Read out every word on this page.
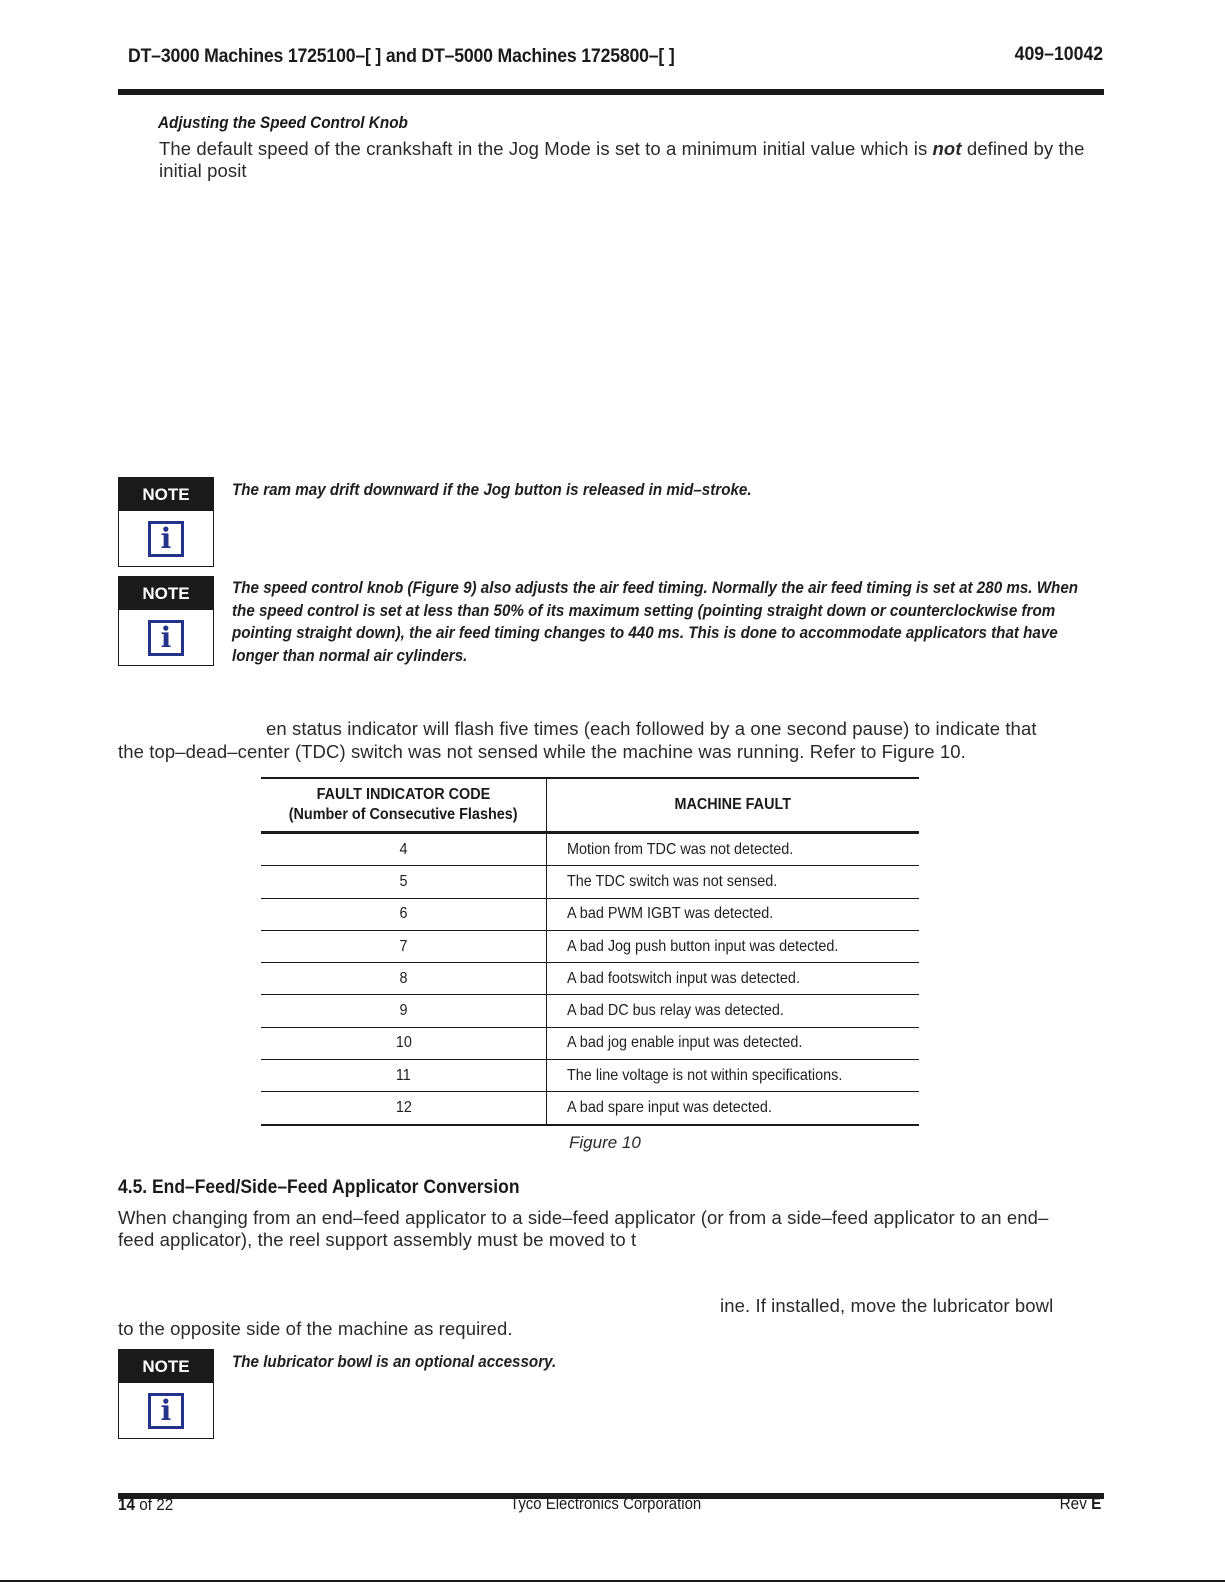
DT–3000 Machines 1725100–[ ] and DT–5000 Machines 1725800–[ ]	409–10042
Adjusting the Speed Control Knob
The default speed of the crankshaft in the Jog Mode is set to a minimum initial value which is not defined by the initial posit
NOTE
i
The ram may drift downward if the Jog button is released in mid–stroke.
NOTE
i
The speed control knob (Figure 9) also adjusts the air feed timing. Normally the air feed timing is set at 280 ms. When the speed control is set at less than 50% of its maximum setting (pointing straight down or counterclockwise from pointing straight down), the air feed timing changes to 440 ms. This is done to accommodate applicators that have longer than normal air cylinders.
en status indicator will flash five times (each followed by a one second pause) to indicate that
the top–dead–center (TDC) switch was not sensed while the machine was running. Refer to Figure 10.
FAULT INDICATOR CODE
(Number of Consecutive Flashes)	MACHINE FAULT
4	Motion from TDC was not detected.
5	The TDC switch was not sensed.
6	A bad PWM IGBT was detected.
7	A bad Jog push button input was detected.
8	A bad footswitch input was detected.
9	A bad DC bus relay was detected.
10	A bad jog enable input was detected.
11	The line voltage is not within specifications.
12	A bad spare input was detected.
Figure 10
4.5. End–Feed/Side–Feed Applicator Conversion
When changing from an end–feed applicator to a side–feed applicator (or from a side–feed applicator to an end–feed applicator), the reel support assembly must be moved to t
ine. If installed, move the lubricator bowl
to the opposite side of the machine as required.
NOTE
i
The lubricator bowl is an optional accessory.
14 of 22	Tyco Electronics Corporation	Rev E
